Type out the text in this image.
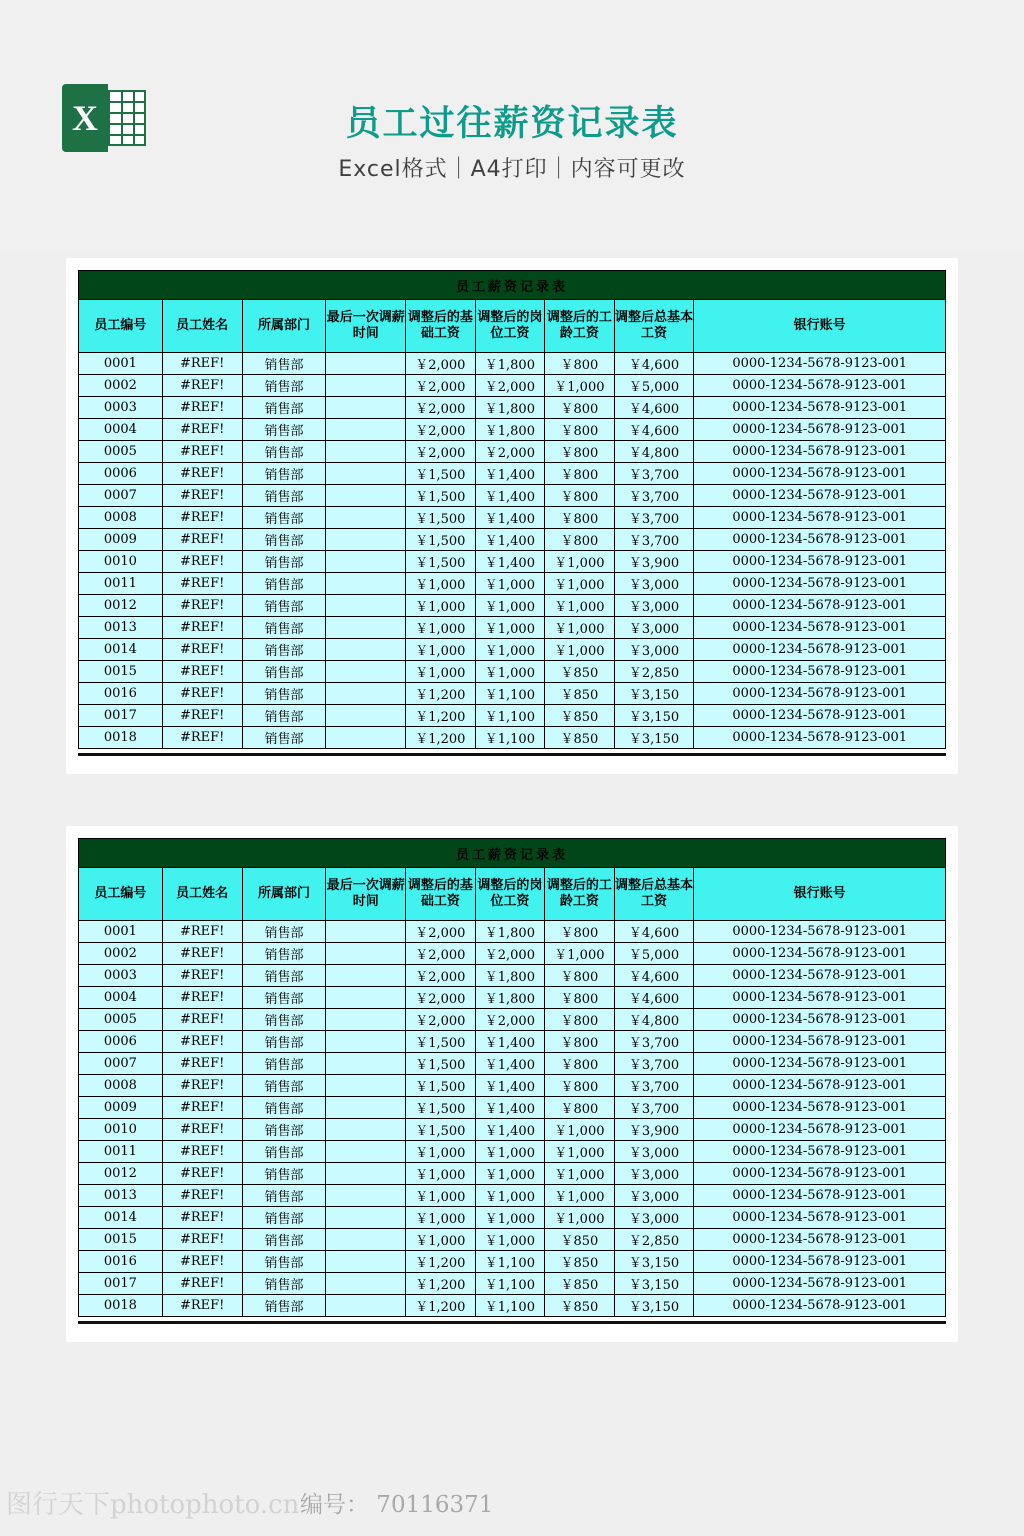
X	员工过往薪资记录表
Excel格式｜A4打印｜内容可更改
员工薪资记录表								
员工编号	员工姓名	所属部门	最后一次调薪时间	调整后的基础工资	调整后的岗位工资	调整后的工龄工资	调整后总基本工资	银行账号
0001	#REF!	销售部		￥2,000	￥1,800	￥800	￥4,600	0000-1234-5678-9123-001
0002	#REF!	销售部		￥2,000	￥2,000	￥1,000	￥5,000	0000-1234-5678-9123-001
0003	#REF!	销售部		￥2,000	￥1,800	￥800	￥4,600	0000-1234-5678-9123-001
0004	#REF!	销售部		￥2,000	￥1,800	￥800	￥4,600	0000-1234-5678-9123-001
0005	#REF!	销售部		￥2,000	￥2,000	￥800	￥4,800	0000-1234-5678-9123-001
0006	#REF!	销售部		￥1,500	￥1,400	￥800	￥3,700	0000-1234-5678-9123-001
0007	#REF!	销售部		￥1,500	￥1,400	￥800	￥3,700	0000-1234-5678-9123-001
0008	#REF!	销售部		￥1,500	￥1,400	￥800	￥3,700	0000-1234-5678-9123-001
0009	#REF!	销售部		￥1,500	￥1,400	￥800	￥3,700	0000-1234-5678-9123-001
0010	#REF!	销售部		￥1,500	￥1,400	￥1,000	￥3,900	0000-1234-5678-9123-001
0011	#REF!	销售部		￥1,000	￥1,000	￥1,000	￥3,000	0000-1234-5678-9123-001
0012	#REF!	销售部		￥1,000	￥1,000	￥1,000	￥3,000	0000-1234-5678-9123-001
0013	#REF!	销售部		￥1,000	￥1,000	￥1,000	￥3,000	0000-1234-5678-9123-001
0014	#REF!	销售部		￥1,000	￥1,000	￥1,000	￥3,000	0000-1234-5678-9123-001
0015	#REF!	销售部		￥1,000	￥1,000	￥850	￥2,850	0000-1234-5678-9123-001
0016	#REF!	销售部		￥1,200	￥1,100	￥850	￥3,150	0000-1234-5678-9123-001
0017	#REF!	销售部		￥1,200	￥1,100	￥850	￥3,150	0000-1234-5678-9123-001
0018	#REF!	销售部		￥1,200	￥1,100	￥850	￥3,150	0000-1234-5678-9123-001
员工薪资记录表								
员工编号	员工姓名	所属部门	最后一次调薪时间	调整后的基础工资	调整后的岗位工资	调整后的工龄工资	调整后总基本工资	银行账号
0001	#REF!	销售部		￥2,000	￥1,800	￥800	￥4,600	0000-1234-5678-9123-001
0002	#REF!	销售部		￥2,000	￥2,000	￥1,000	￥5,000	0000-1234-5678-9123-001
0003	#REF!	销售部		￥2,000	￥1,800	￥800	￥4,600	0000-1234-5678-9123-001
0004	#REF!	销售部		￥2,000	￥1,800	￥800	￥4,600	0000-1234-5678-9123-001
0005	#REF!	销售部		￥2,000	￥2,000	￥800	￥4,800	0000-1234-5678-9123-001
0006	#REF!	销售部		￥1,500	￥1,400	￥800	￥3,700	0000-1234-5678-9123-001
0007	#REF!	销售部		￥1,500	￥1,400	￥800	￥3,700	0000-1234-5678-9123-001
0008	#REF!	销售部		￥1,500	￥1,400	￥800	￥3,700	0000-1234-5678-9123-001
0009	#REF!	销售部		￥1,500	￥1,400	￥800	￥3,700	0000-1234-5678-9123-001
0010	#REF!	销售部		￥1,500	￥1,400	￥1,000	￥3,900	0000-1234-5678-9123-001
0011	#REF!	销售部		￥1,000	￥1,000	￥1,000	￥3,000	0000-1234-5678-9123-001
0012	#REF!	销售部		￥1,000	￥1,000	￥1,000	￥3,000	0000-1234-5678-9123-001
0013	#REF!	销售部		￥1,000	￥1,000	￥1,000	￥3,000	0000-1234-5678-9123-001
0014	#REF!	销售部		￥1,000	￥1,000	￥1,000	￥3,000	0000-1234-5678-9123-001
0015	#REF!	销售部		￥1,000	￥1,000	￥850	￥2,850	0000-1234-5678-9123-001
0016	#REF!	销售部		￥1,200	￥1,100	￥850	￥3,150	0000-1234-5678-9123-001
0017	#REF!	销售部		￥1,200	￥1,100	￥850	￥3,150	0000-1234-5678-9123-001
0018	#REF!	销售部		￥1,200	￥1,100	￥850	￥3,150	0000-1234-5678-9123-001
图行天下photophoto.cn 编号： 70116371
